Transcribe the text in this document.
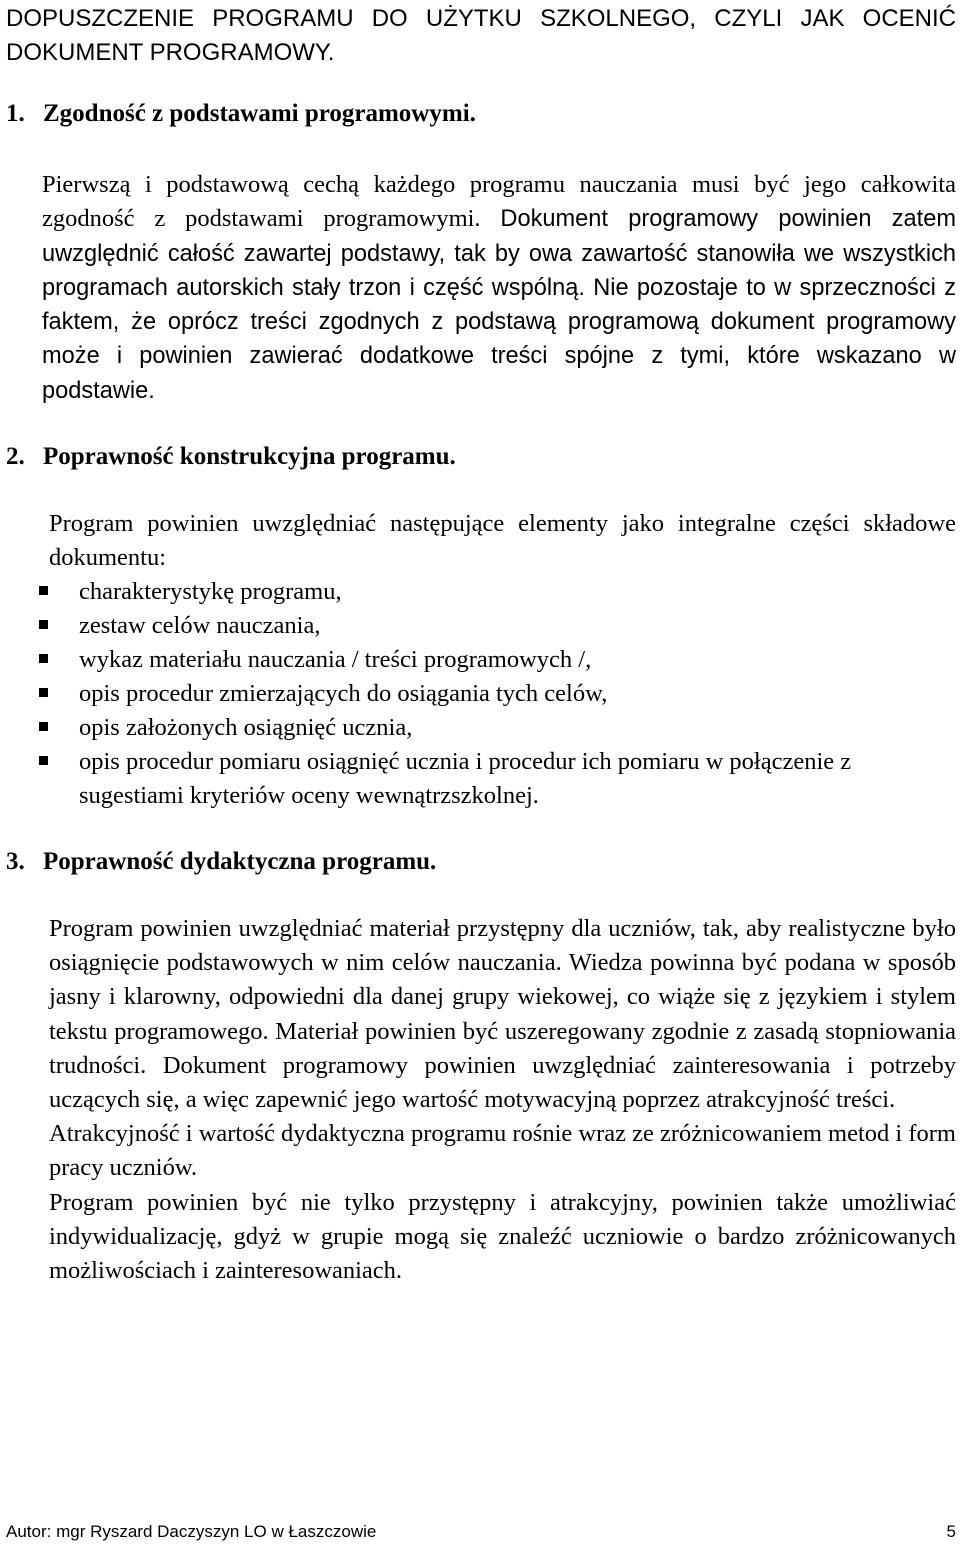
DOPUSZCZENIE PROGRAMU DO UŻYTKU SZKOLNEGO, CZYLI JAK OCENIĆ DOKUMENT PROGRAMOWY.
1. Zgodność z podstawami programowymi.

Pierwszą i podstawową cechą każdego programu nauczania musi być jego całkowita zgodność z podstawami programowymi. Dokument programowy powinien zatem uwzględnić całość zawartej podstawy, tak by owa zawartość stanowiła we wszystkich programach autorskich stały trzon i część wspólną. Nie pozostaje to w sprzeczności z faktem, że oprócz treści zgodnych z podstawą programową dokument programowy może i powinien zawierać dodatkowe treści spójne z tymi, które wskazano w podstawie.

2. Poprawność konstrukcyjna programu.

Program powinien uwzględniać następujące elementy jako integralne części składowe dokumentu:

charakterystykę programu,
zestaw celów nauczania,
wykaz materiału nauczania / treści programowych /,
opis procedur zmierzających do osiągania tych celów,
opis założonych osiągnięć ucznia,
opis procedur pomiaru osiągnięć ucznia i procedur ich pomiaru w połączenie z sugestiami kryteriów oceny wewnątrzszkolnej.
3. Poprawność dydaktyczna programu.

Program powinien uwzględniać materiał przystępny dla uczniów, tak, aby realistyczne było osiągnięcie podstawowych w nim celów nauczania. Wiedza powinna być podana w sposób jasny i klarowny, odpowiedni dla danej grupy wiekowej, co wiąże się z językiem i stylem tekstu programowego. Materiał powinien być uszeregowany zgodnie z zasadą stopniowania trudności. Dokument programowy powinien uwzględniać zainteresowania i potrzeby uczących się, a więc zapewnić jego wartość motywacyjną poprzez atrakcyjność treści.

Atrakcyjność i wartość dydaktyczna programu rośnie wraz ze zróżnicowaniem metod i form pracy uczniów.

Program powinien być nie tylko przystępny i atrakcyjny, powinien także umożliwiać indywidualizację, gdyż w grupie mogą się znaleźć uczniowie o bardzo zróżnicowanych możliwościach i zainteresowaniach.

Autor: mgr Ryszard Daczyszyn LO w Łaszczowie	5
